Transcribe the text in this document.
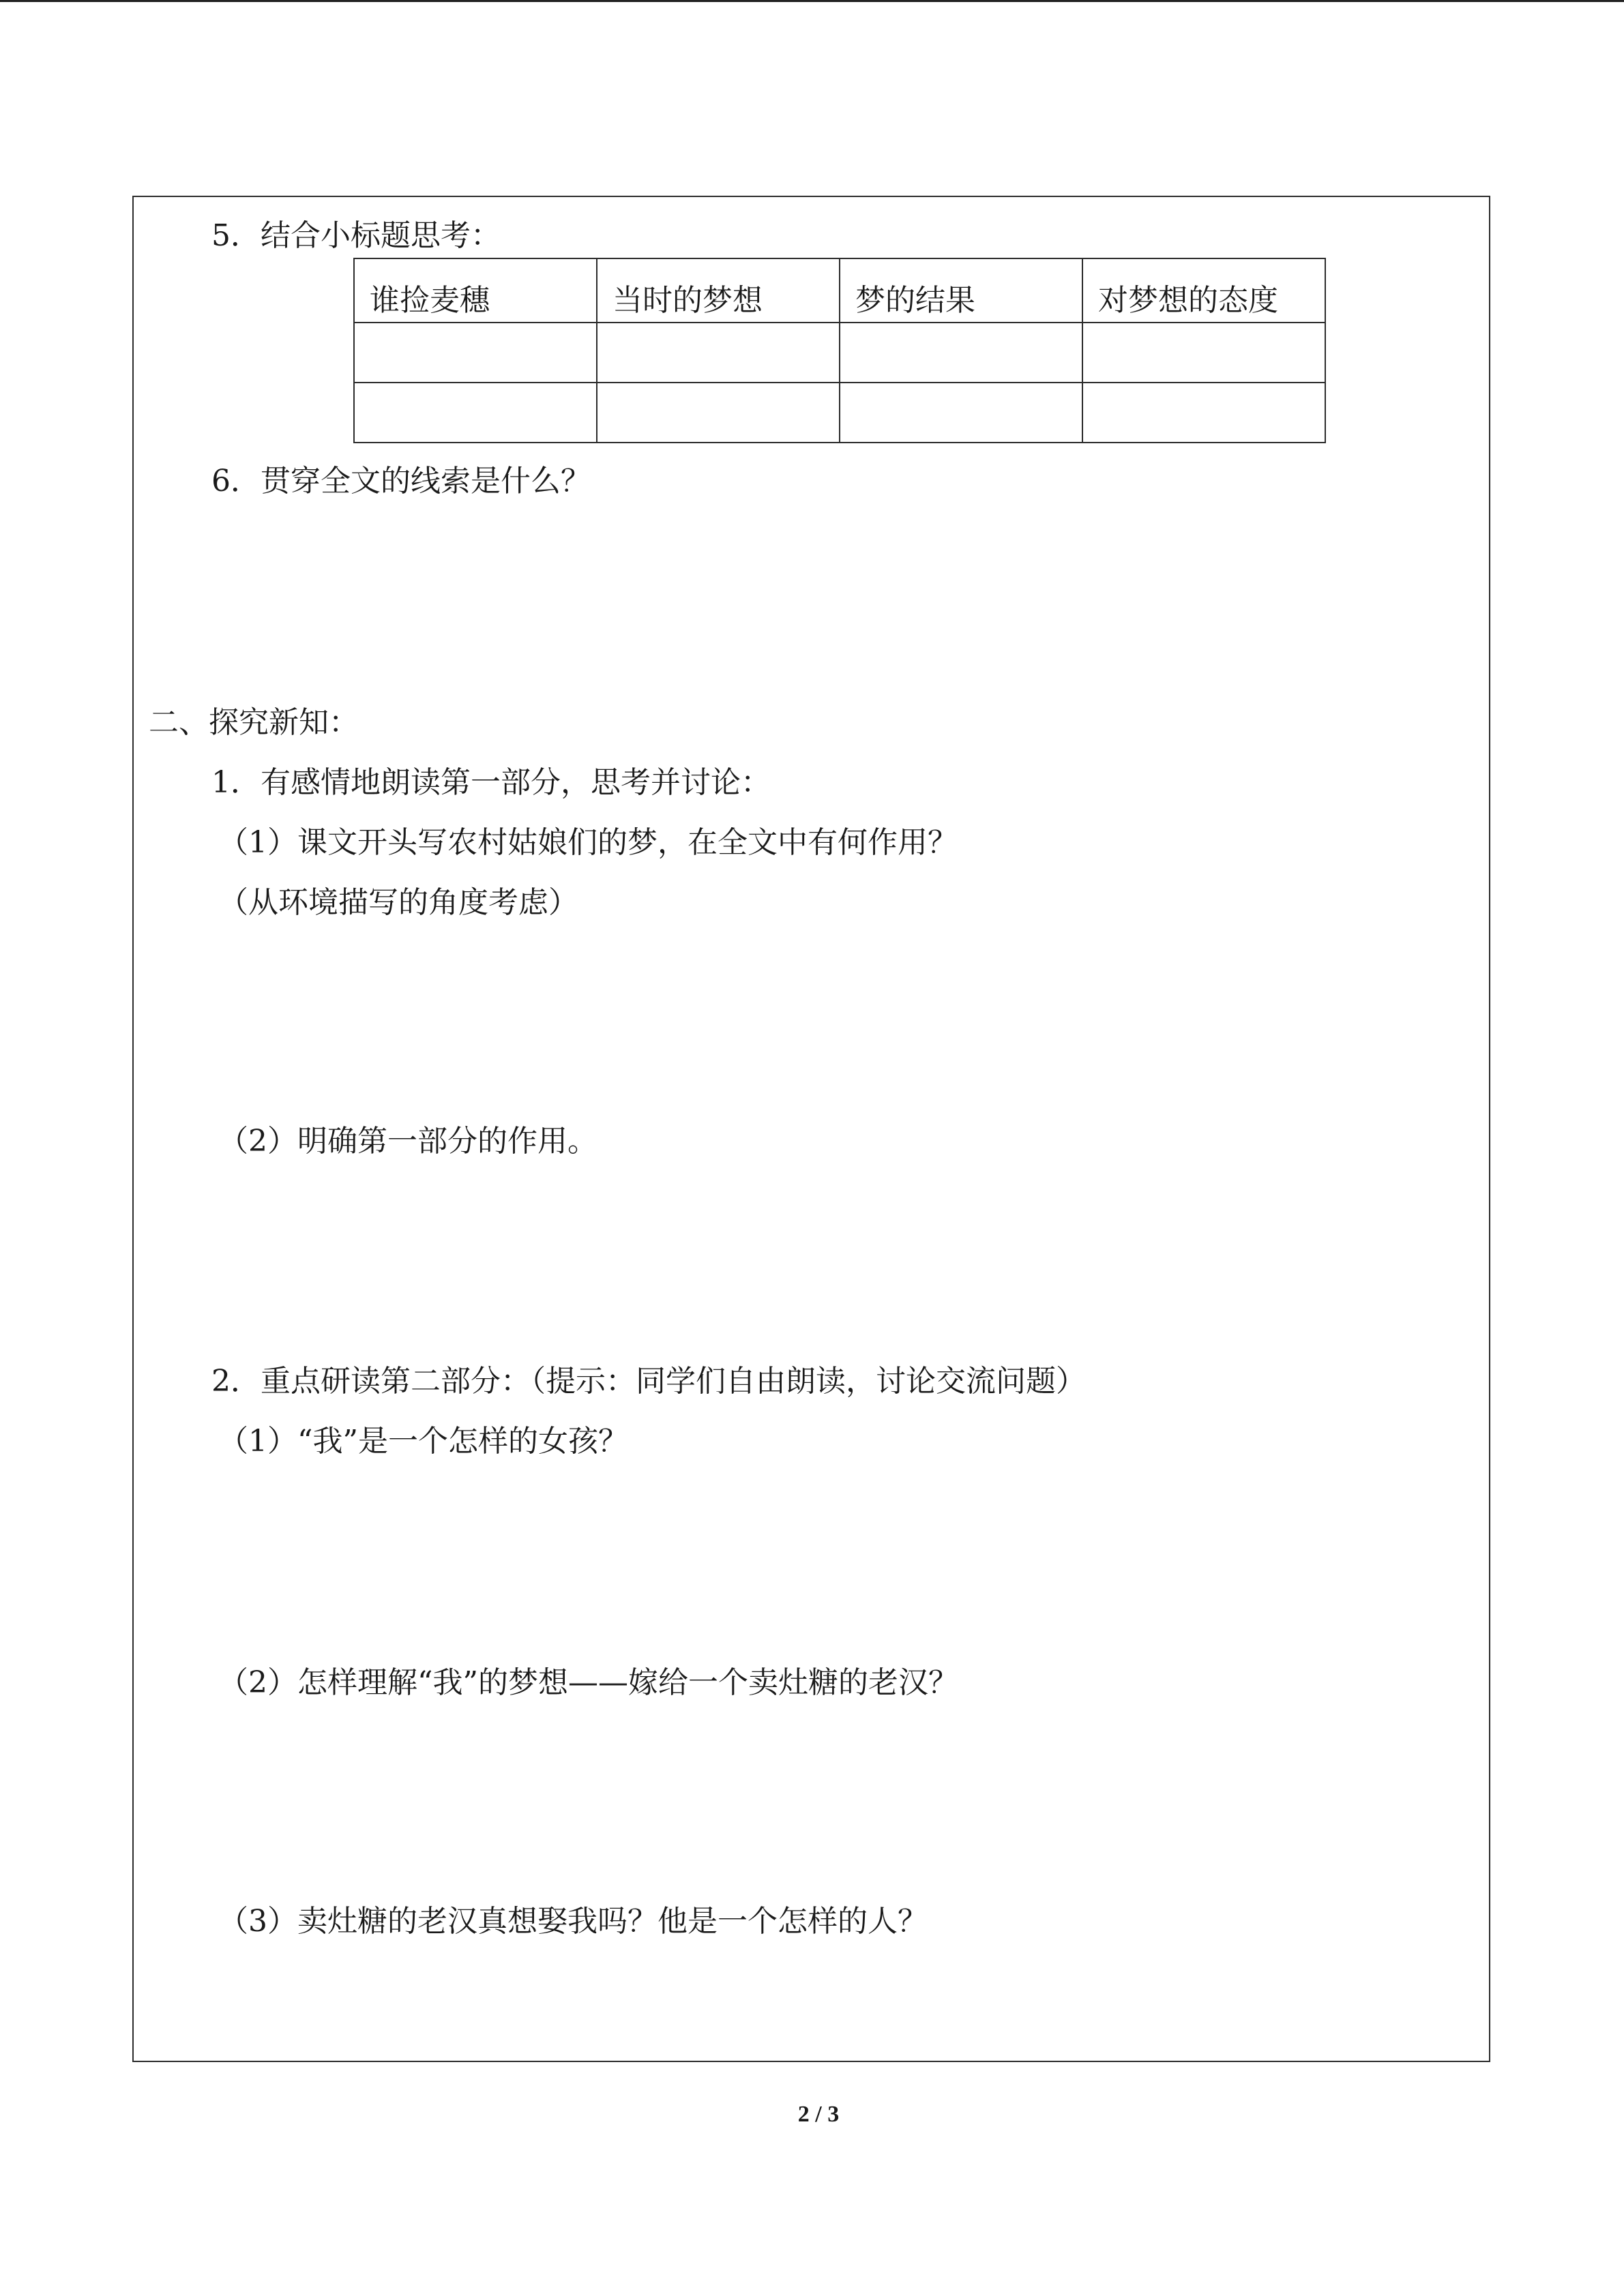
5．结合小标题思考：
谁捡麦穗	当时的梦想	梦的结果	对梦想的态度

6．贯穿全文的线索是什么？
二、探究新知：
1．有感情地朗读第一部分，思考并讨论：
（1）课文开头写农村姑娘们的梦，在全文中有何作用？
（从环境描写的角度考虑）
（2）明确第一部分的作用。
2．重点研读第二部分：（提示：同学们自由朗读，讨论交流问题）
（1）“我”是一个怎样的女孩？
（2）怎样理解“我”的梦想——嫁给一个卖灶糖的老汉？
（3）卖灶糖的老汉真想娶我吗？他是一个怎样的人？
2 / 3
